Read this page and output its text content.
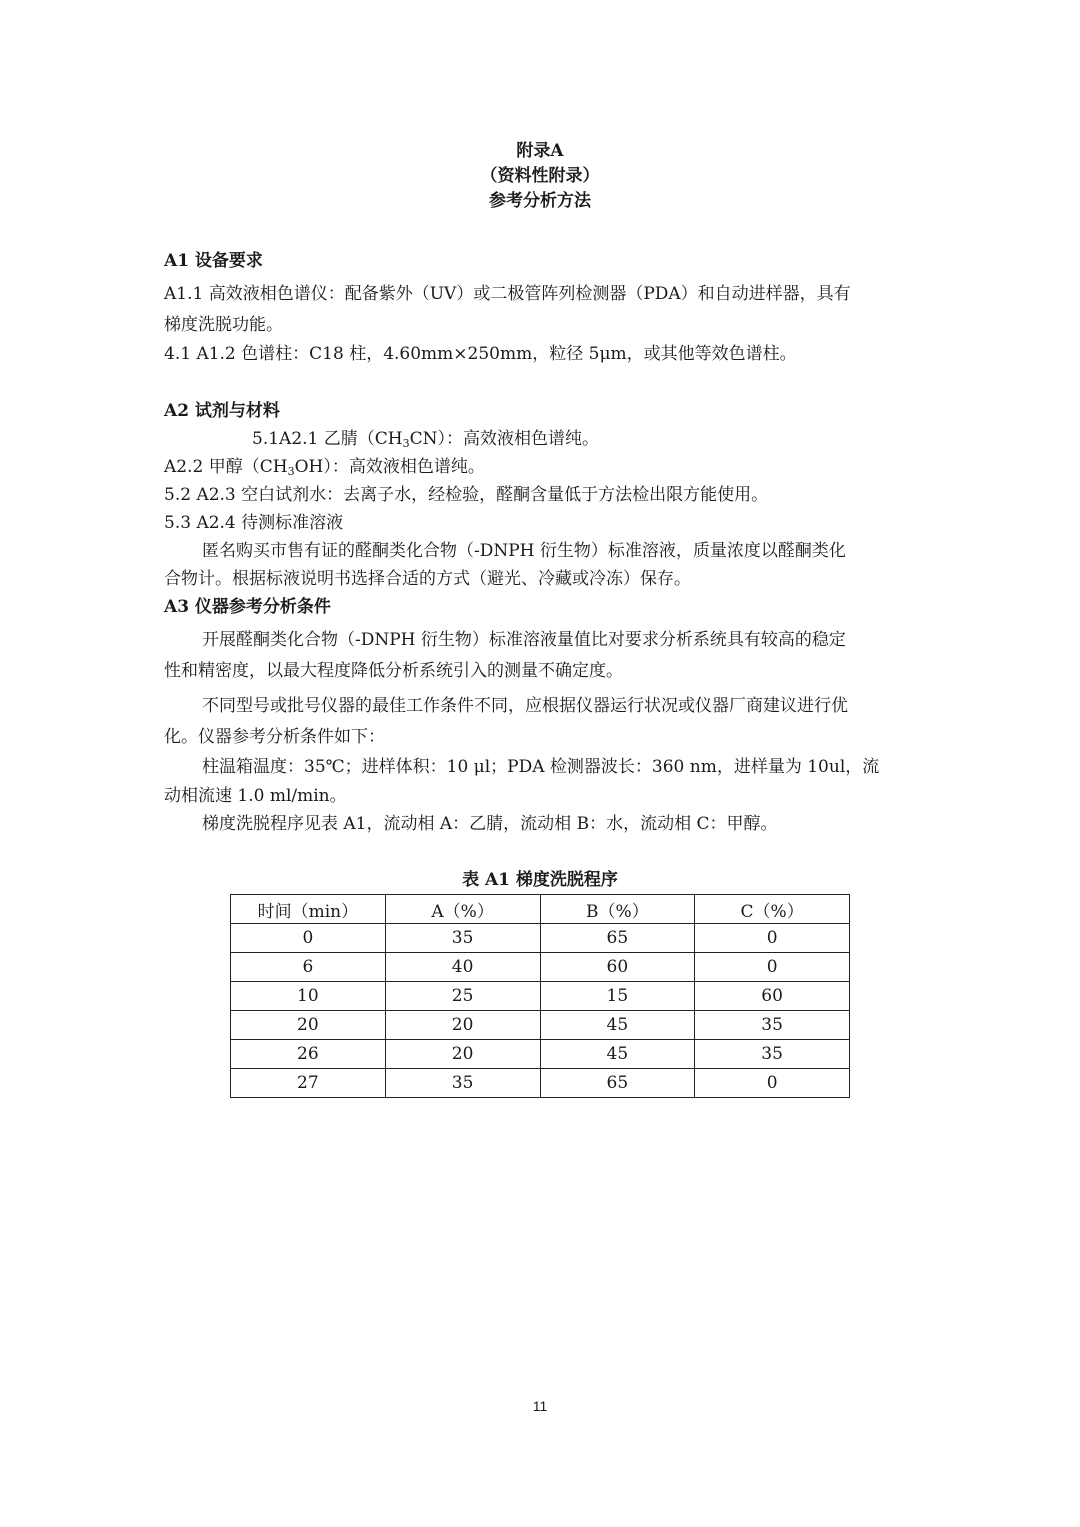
附录A
（资料性附录）
参考分析方法
A1 设备要求
A1.1 高效液相色谱仪：配备紫外（UV）或二极管阵列检测器（PDA）和自动进样器，具有
梯度洗脱功能。
4.1 A1.2 色谱柱：C18 柱，4.60mm×250mm，粒径 5μm，或其他等效色谱柱。
A2 试剂与材料
5.1A2.1 乙腈$(CH_3CN)$：高效液相色谱纯。
A2.2 甲醇$(CH_3OH)$：高效液相色谱纯。
5.2 A2.3 空白试剂水：去离子水，经检验，醛酮含量低于方法检出限方能使用。
5.3 A2.4 待测标准溶液
匿名购买市售有证的醛酮类化合物（-DNPH 衍生物）标准溶液，质量浓度以醛酮类化
合物计。根据标液说明书选择合适的方式（避光、冷藏或冷冻）保存。
A3 仪器参考分析条件
开展醛酮类化合物（-DNPH 衍生物）标准溶液量值比对要求分析系统具有较高的稳定
性和精密度，以最大程度降低分析系统引入的测量不确定度。
不同型号或批号仪器的最佳工作条件不同，应根据仪器运行状况或仪器厂商建议进行优
化。仪器参考分析条件如下：
柱温箱温度：35℃；进样体积：10 μl；PDA 检测器波长：360 nm，进样量为 10ul，流
动相流速 1.0 ml/min。
梯度洗脱程序见表 A1，流动相 A：乙腈，流动相 B：水，流动相 C：甲醇。
表 A1 梯度洗脱程序
时间（min）	A（%）	B（%）	C（%）
0	35	65	0
6	40	60	0
10	25	15	60
20	20	45	35
26	20	45	35
27	35	65	0
11
